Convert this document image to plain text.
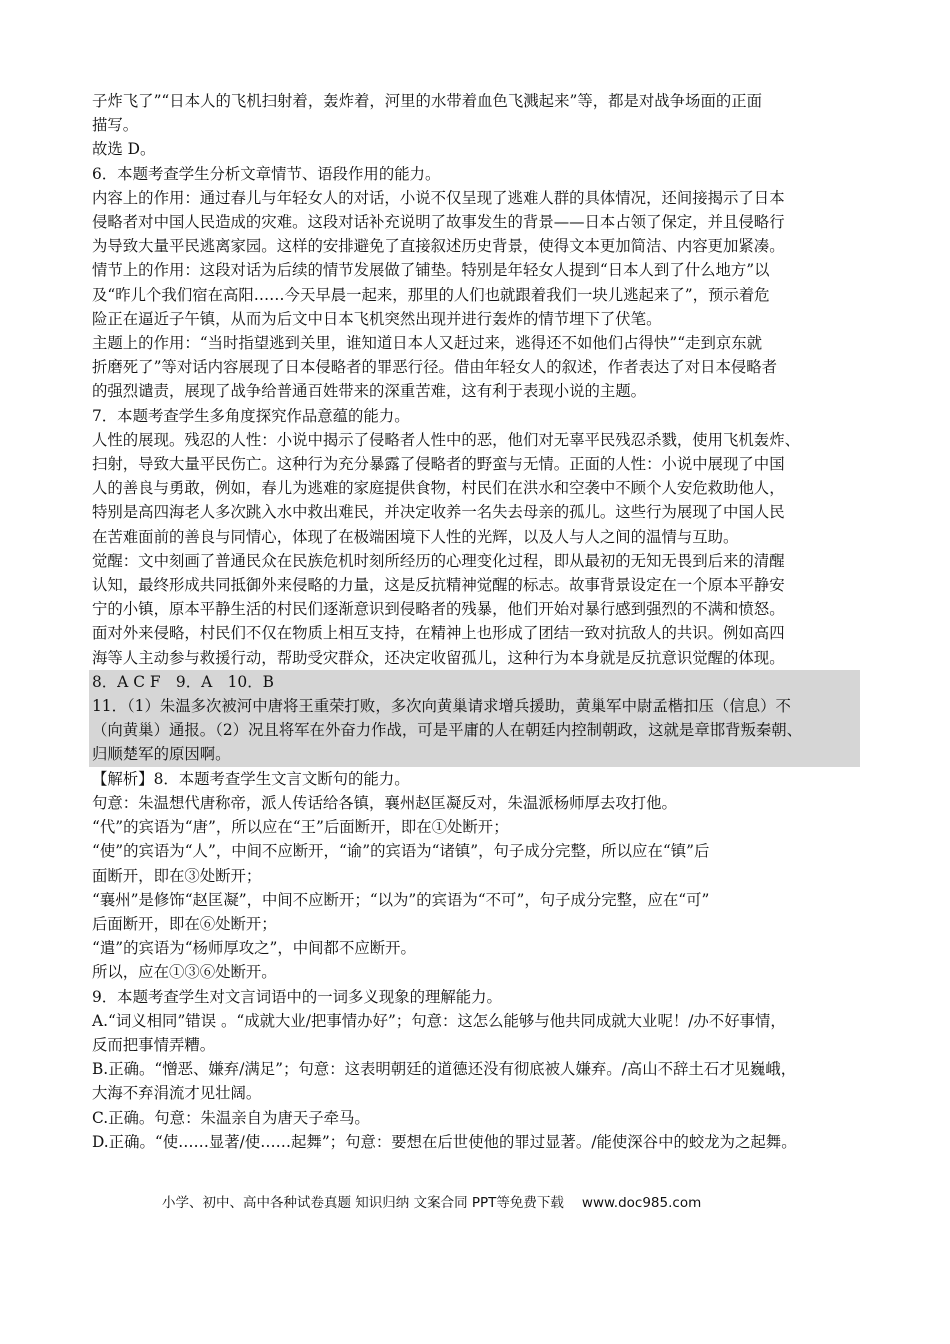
子炸飞了”“日本人的飞机扫射着，轰炸着，河里的水带着血色飞溅起来”等，都是对战争场面的正面

描写。

故选 D。

6．本题考查学生分析文章情节、语段作用的能力。

内容上的作用：通过春儿与年轻女人的对话，小说不仅呈现了逃难人群的具体情况，还间接揭示了日本

侵略者对中国人民造成的灾难。这段对话补充说明了故事发生的背景——日本占领了保定，并且侵略行

为导致大量平民逃离家园。这样的安排避免了直接叙述历史背景，使得文本更加简洁、内容更加紧凑。

情节上的作用：这段对话为后续的情节发展做了铺垫。特别是年轻女人提到“日本人到了什么地方”以

及“昨儿个我们宿在高阳……今天早晨一起来，那里的人们也就跟着我们一块儿逃起来了”，预示着危

险正在逼近子午镇，从而为后文中日本飞机突然出现并进行轰炸的情节埋下了伏笔。

主题上的作用：“当时指望逃到关里，谁知道日本人又赶过来，逃得还不如他们占得快”“走到京东就

折磨死了”等对话内容展现了日本侵略者的罪恶行径。借由年轻女人的叙述，作者表达了对日本侵略者

的强烈谴责，展现了战争给普通百姓带来的深重苦难，这有利于表现小说的主题。

7．本题考查学生多角度探究作品意蕴的能力。

人性的展现。残忍的人性：小说中揭示了侵略者人性中的恶，他们对无辜平民残忍杀戮，使用飞机轰炸、

扫射，导致大量平民伤亡。这种行为充分暴露了侵略者的野蛮与无情。正面的人性：小说中展现了中国

人的善良与勇敢，例如，春儿为逃难的家庭提供食物，村民们在洪水和空袭中不顾个人安危救助他人，

特别是高四海老人多次跳入水中救出难民，并决定收养一名失去母亲的孤儿。这些行为展现了中国人民

在苦难面前的善良与同情心，体现了在极端困境下人性的光辉，以及人与人之间的温情与互助。

觉醒：文中刻画了普通民众在民族危机时刻所经历的心理变化过程，即从最初的无知无畏到后来的清醒

认知，最终形成共同抵御外来侵略的力量，这是反抗精神觉醒的标志。故事背景设定在一个原本平静安

宁的小镇，原本平静生活的村民们逐渐意识到侵略者的残暴，他们开始对暴行感到强烈的不满和愤怒。

面对外来侵略，村民们不仅在物质上相互支持，在精神上也形成了团结一致对抗敌人的共识。例如高四

海等人主动参与救援行动，帮助受灾群众，还决定收留孤儿，这种行为本身就是反抗意识觉醒的体现。

8．A C F　9．A　10．B

11．（1）朱温多次被河中唐将王重荣打败，多次向黄巢请求增兵援助，黄巢军中尉孟楷扣压（信息）不

（向黄巢）通报。（2）况且将军在外奋力作战，可是平庸的人在朝廷内控制朝政，这就是章邯背叛秦朝、

归顺楚军的原因啊。

【解析】8．本题考查学生文言文断句的能力。

句意：朱温想代唐称帝，派人传话给各镇，襄州赵匡凝反对，朱温派杨师厚去攻打他。

“代”的宾语为“唐”，所以应在“王”后面断开，即在①处断开；

“使”的宾语为“人”，中间不应断开，“谕”的宾语为“诸镇”，句子成分完整，所以应在“镇”后

面断开，即在③处断开；

“襄州”是修饰“赵匡凝”，中间不应断开；“以为”的宾语为“不可”，句子成分完整，应在“可”

后面断开，即在⑥处断开；

“遣”的宾语为“杨师厚攻之”，中间都不应断开。

所以，应在①③⑥处断开。

9．本题考查学生对文言词语中的一词多义现象的理解能力。

A.“词义相同”错误 。“成就大业/把事情办好”；句意：这怎么能够与他共同成就大业呢！/办不好事情，

反而把事情弄糟。

B.正确。“憎恶、嫌弃/满足”；句意：这表明朝廷的道德还没有彻底被人嫌弃。/高山不辞土石才见巍峨，

大海不弃涓流才见壮阔。

C.正确。句意：朱温亲自为唐天子牵马。

D.正确。“使……显著/使……起舞”；句意：要想在后世使他的罪过显著。/能使深谷中的蛟龙为之起舞。

小学、初中、高中各种试卷真题 知识归纳 文案合同 PPT等免费下载 www.doc985.com
